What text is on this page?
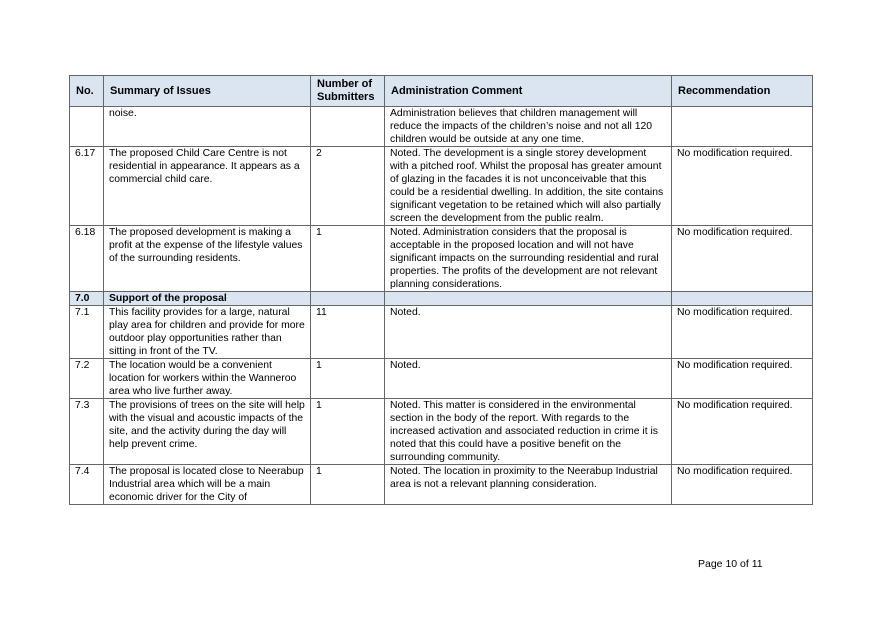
No.	Summary of Issues	Number of Submitters	Administration Comment	Recommendation
	noise.		Administration believes that children management will reduce the impacts of the children’s noise and not all 120 children would be outside at any one time.	
6.17	The proposed Child Care Centre is not residential in appearance. It appears as a commercial child care.	2	Noted. The development is a single storey development with a pitched roof. Whilst the proposal has greater amount of glazing in the facades it is not unconceivable that this could be a residential dwelling. In addition, the site contains significant vegetation to be retained which will also partially screen the development from the public realm.	No modification required.
6.18	The proposed development is making a profit at the expense of the lifestyle values of the surrounding residents.	1	Noted. Administration considers that the proposal is acceptable in the proposed location and will not have significant impacts on the surrounding residential and rural properties. The profits of the development are not relevant planning considerations.	No modification required.
7.0	Support of the proposal			
7.1	This facility provides for a large, natural play area for children and provide for more outdoor play opportunities rather than sitting in front of the TV.	11	Noted.	No modification required.
7.2	The location would be a convenient location for workers within the Wanneroo area who live further away.	1	Noted.	No modification required.
7.3	The provisions of trees on the site will help with the visual and acoustic impacts of the site, and the activity during the day will help prevent crime.	1	Noted. This matter is considered in the environmental section in the body of the report. With regards to the increased activation and associated reduction in crime it is noted that this could have a positive benefit on the surrounding community.	No modification required.
7.4	The proposal is located close to Neerabup Industrial area which will be a main economic driver for the City of	1	Noted. The location in proximity to the Neerabup Industrial area is not a relevant planning consideration.	No modification required.
Page 10 of 11
